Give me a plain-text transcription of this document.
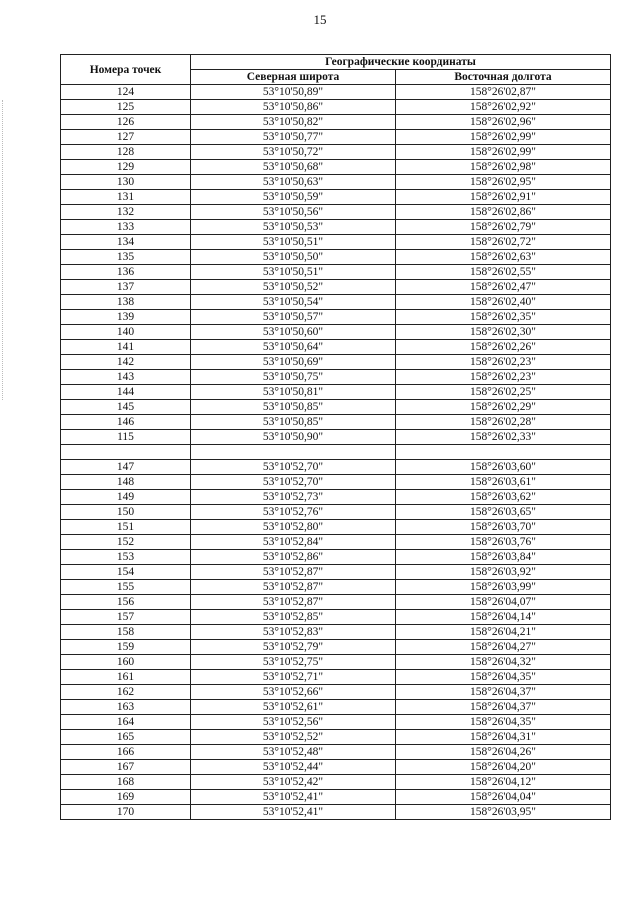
15
Номера точек	Географические координаты	
	Северная широта	Восточная долгота
124	53°10'50,89"	158°26'02,87"
125	53°10'50,86"	158°26'02,92"
126	53°10'50,82"	158°26'02,96"
127	53°10'50,77"	158°26'02,99"
128	53°10'50,72"	158°26'02,99"
129	53°10'50,68"	158°26'02,98"
130	53°10'50,63"	158°26'02,95"
131	53°10'50,59"	158°26'02,91"
132	53°10'50,56"	158°26'02,86"
133	53°10'50,53"	158°26'02,79"
134	53°10'50,51"	158°26'02,72"
135	53°10'50,50"	158°26'02,63"
136	53°10'50,51"	158°26'02,55"
137	53°10'50,52"	158°26'02,47"
138	53°10'50,54"	158°26'02,40"
139	53°10'50,57"	158°26'02,35"
140	53°10'50,60"	158°26'02,30"
141	53°10'50,64"	158°26'02,26"
142	53°10'50,69"	158°26'02,23"
143	53°10'50,75"	158°26'02,23"
144	53°10'50,81"	158°26'02,25"
145	53°10'50,85"	158°26'02,29"
146	53°10'50,85"	158°26'02,28"
115	53°10'50,90"	158°26'02,33"

147	53°10'52,70"	158°26'03,60"
148	53°10'52,70"	158°26'03,61"
149	53°10'52,73"	158°26'03,62"
150	53°10'52,76"	158°26'03,65"
151	53°10'52,80"	158°26'03,70"
152	53°10'52,84"	158°26'03,76"
153	53°10'52,86"	158°26'03,84"
154	53°10'52,87"	158°26'03,92"
155	53°10'52,87"	158°26'03,99"
156	53°10'52,87"	158°26'04,07"
157	53°10'52,85"	158°26'04,14"
158	53°10'52,83"	158°26'04,21"
159	53°10'52,79"	158°26'04,27"
160	53°10'52,75"	158°26'04,32"
161	53°10'52,71"	158°26'04,35"
162	53°10'52,66"	158°26'04,37"
163	53°10'52,61"	158°26'04,37"
164	53°10'52,56"	158°26'04,35"
165	53°10'52,52"	158°26'04,31"
166	53°10'52,48"	158°26'04,26"
167	53°10'52,44"	158°26'04,20"
168	53°10'52,42"	158°26'04,12"
169	53°10'52,41"	158°26'04,04"
170	53°10'52,41"	158°26'03,95"
